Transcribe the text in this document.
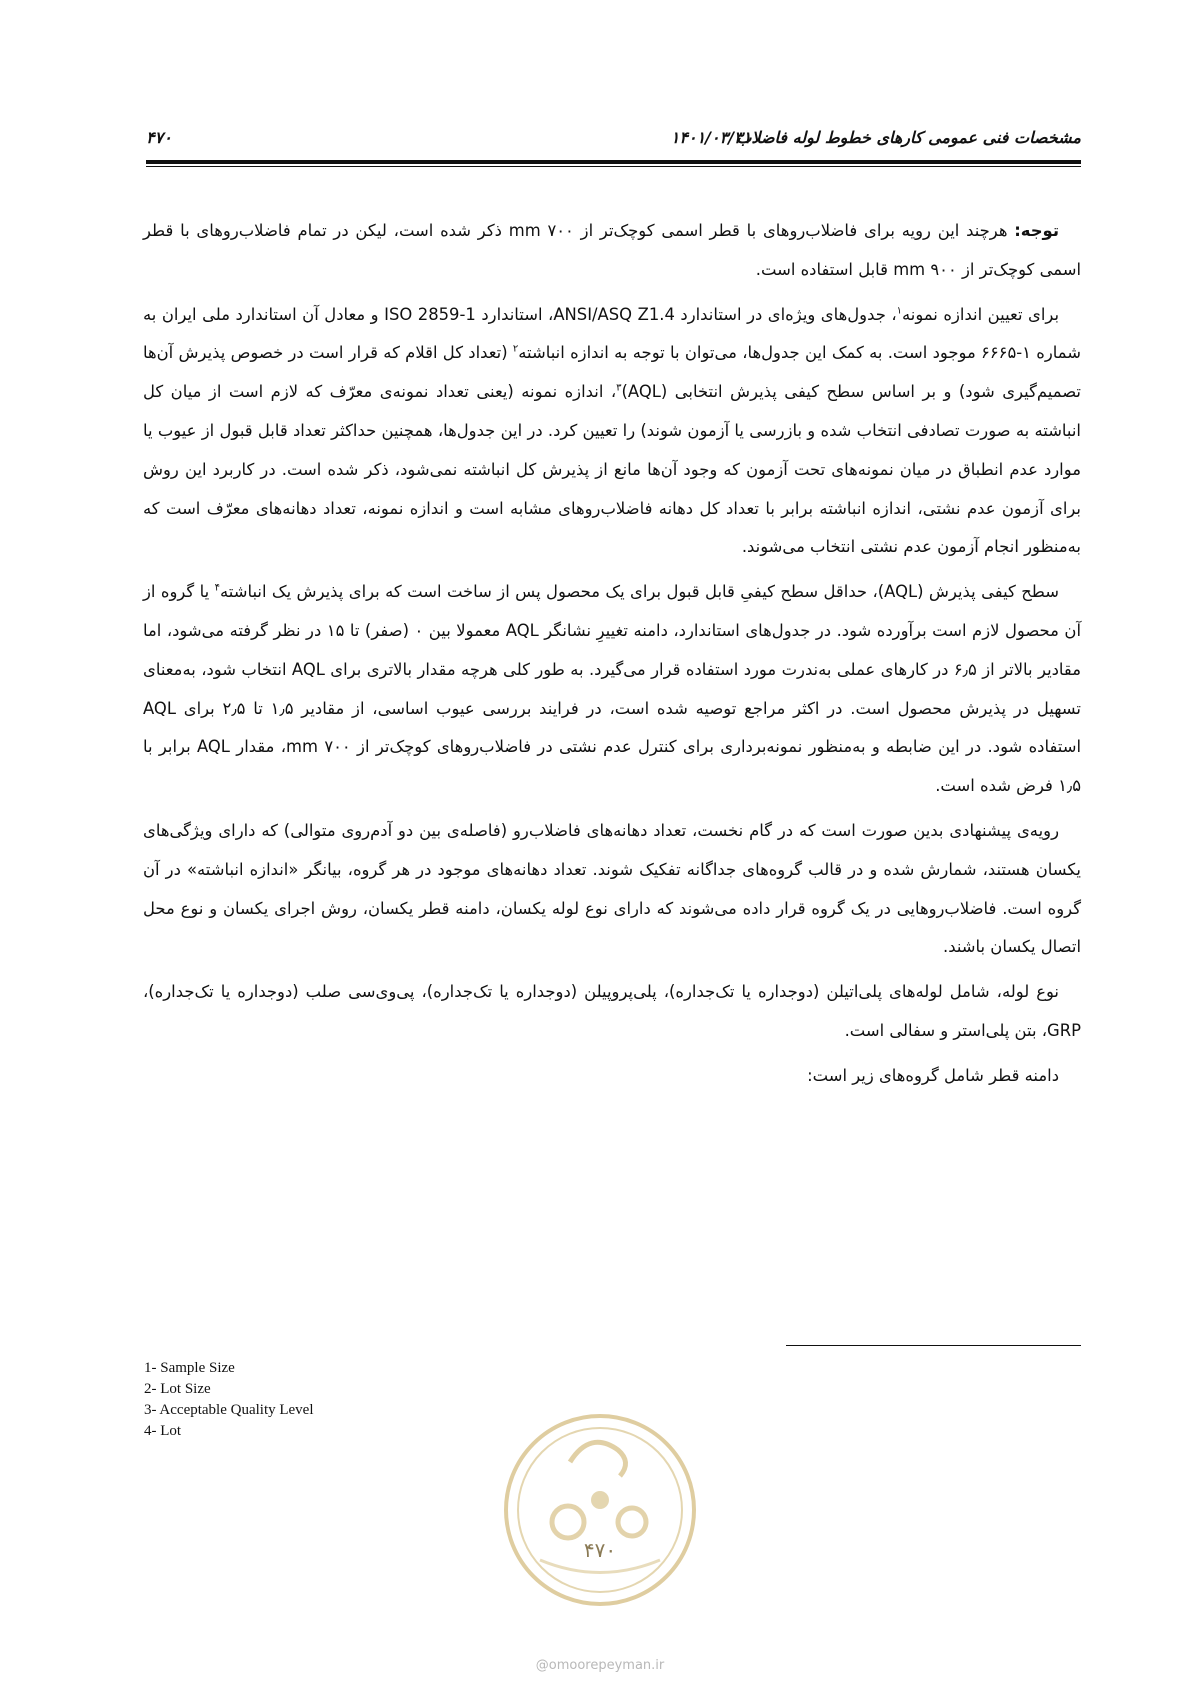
مشخصات فنی عمومی کارهای خطوط لوله فاضلاب
۱۴۰۱/۰۳/۳۱
۴۷۰

توجه: هرچند این رویه برای فاضلاب‌روهای با قطر اسمی کوچک‌تر از ۷۰۰ mm ذکر شده است، لیکن در تمام فاضلاب‌روهای با قطر اسمی کوچک‌تر از ۹۰۰ mm قابل استفاده است.

برای تعیین اندازه نمونه$^۱$، جدول‌های ویژه‌ای در استاندارد ANSI/ASQ Z1.4، استاندارد ISO 2859-1 و معادل آن استاندارد ملی ایران به شماره ۱-۶۶۶۵ موجود است. به کمک این جدول‌ها، می‌توان با توجه به اندازه انباشته$^۲$ (تعداد کل اقلام که قرار است در خصوص پذیرش آن‌ها تصمیم‌گیری شود) و بر اساس سطح کیفی پذیرش انتخابی (AQL)$^۳$، اندازه نمونه (یعنی تعداد نمونه‌ی معرّف که لازم است از میان کل انباشته به صورت تصادفی انتخاب شده و بازرسی یا آزمون شوند) را تعیین کرد. در این جدول‌ها، همچنین حداکثر تعداد قابل قبول از عیوب یا موارد عدم انطباق در میان نمونه‌های تحت آزمون که وجود آن‌ها مانع از پذیرش کل انباشته نمی‌شود، ذکر شده است. در کاربرد این روش برای آزمون عدم نشتی، اندازه انباشته برابر با تعداد کل دهانه فاضلاب‌روهای مشابه است و اندازه نمونه، تعداد دهانه‌های معرّف است که به‌منظور انجام آزمون عدم نشتی انتخاب می‌شوند.

سطح کیفی پذیرش (AQL)، حداقل سطح کیفیِ قابل قبول برای یک محصول پس از ساخت است که برای پذیرش یک انباشته$^۴$ یا گروه از آن محصول لازم است برآورده شود. در جدول‌های استاندارد، دامنه تغییرِ نشانگر AQL معمولا بین ۰ (صفر) تا ۱۵ در نظر گرفته می‌شود، اما مقادیر بالاتر از ۶٫۵ در کارهای عملی به‌ندرت مورد استفاده قرار می‌گیرد. به طور کلی هرچه مقدار بالاتری برای AQL انتخاب شود، به‌معنای تسهیل در پذیرش محصول است. در اکثر مراجع توصیه شده است، در فرایند بررسی عیوب اساسی، از مقادیر ۱٫۵ تا ۲٫۵ برای AQL استفاده شود. در این ضابطه و به‌منظور نمونه‌برداری برای کنترل عدم نشتی در فاضلاب‌روهای کوچک‌تر از ۷۰۰ mm، مقدار AQL برابر با ۱٫۵ فرض شده است.

رویه‌ی پیشنهادی بدین صورت است که در گام نخست، تعداد دهانه‌های فاضلاب‌رو (فاصله‌ی بین دو آدم‌روی متوالی) که دارای ویژگی‌های یکسان هستند، شمارش شده و در قالب گروه‌های جداگانه تفکیک شوند. تعداد دهانه‌های موجود در هر گروه، بیانگر «اندازه انباشته» در آن گروه است. فاضلاب‌روهایی در یک گروه قرار داده می‌شوند که دارای نوع لوله یکسان، دامنه قطر یکسان، روش اجرای یکسان و نوع محل اتصال یکسان باشند.

نوع لوله، شامل لوله‌های پلی‌اتیلن (دوجداره یا تک‌جداره)، پلی‌پروپیلن (دوجداره یا تک‌جداره)، پی‌وی‌سی صلب (دوجداره یا تک‌جداره)، GRP، بتن پلی‌استر و سفالی است.

دامنه قطر شامل گروه‌های زیر است:

1- Sample Size
2- Lot Size
3- Acceptable Quality Level
4- Lot
۴۷۰
@omoorepeyman.ir
